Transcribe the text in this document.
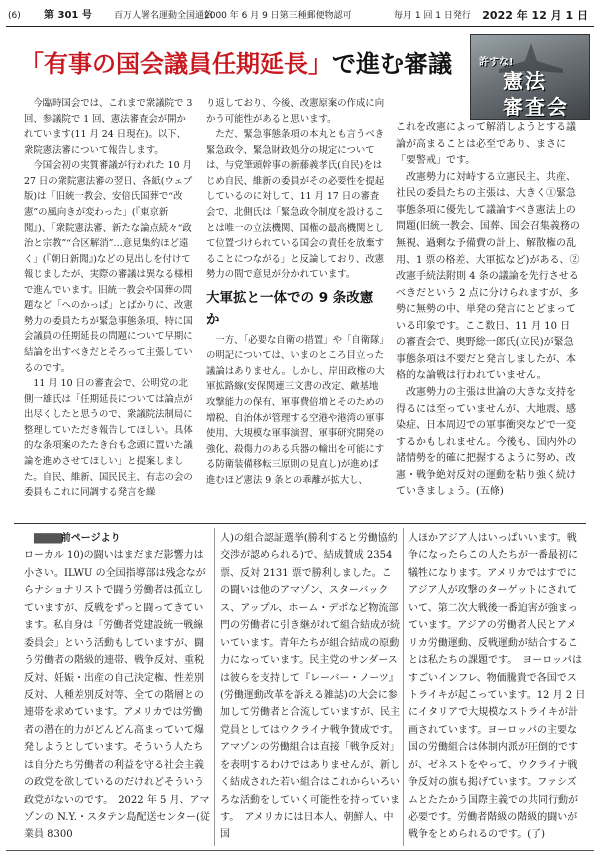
(6) 第 301 号 百万人署名運動全国通信
2000 年 6 月 9 日第三種郵便物認可	毎月 1 回 1 日発行 2022 年 12 月 1 日
「有事の国会議員任期延長」で進む審議	許すな!
憲法
審査会

今臨時国会では、これまで衆議院で 3 回、参議院で 1 回、憲法審査会が開かれています(11 月 24 日現在)。以下、衆院憲法審について報告します。

今国会初の実質審議が行われた 10 月 27 日の衆院憲法審の翌日、各紙(ウェブ版)は「旧統一教会、安倍氏国葬で“改憲”の風向きが変わった」(『東京新聞』)、「衆院憲法審、新たな論点続々“政治と宗教”“合区解消”…意見集約ほど遠く」(『朝日新聞』)などの見出しを付けて報じましたが、実際の審議は異なる様相で進んでいます。旧統一教会や国葬の問題など「へのかっぱ」とばかりに、改憲勢力の委員たちが緊急事態条項、特に国会議員の任期延長の問題について早期に結論を出すべきだとそろって主張しているのです。

11 月 10 日の審査会で、公明党の北側一雄氏は「任期延長については論点が出尽くしたと思うので、衆議院法制局に整理していただき報告してほしい。具体的な条項案のたたき台も念頭に置いた議論を進めさせてほしい」と提案しました。自民、維新、国民民主、有志の会の委員もこれに同調する発言を繰

り返しており、今後、改憲原案の作成に向かう可能性があると思います。

ただ、緊急事態条項の本丸とも言うべき緊急政令、緊急財政処分の規定については、与党筆頭幹事の新藤義孝氏(自民)をはじめ自民、維新の委員がその必要性を提起しているのに対して、11 月 17 日の審査会で、北側氏は「緊急政令制度を設けることは唯一の立法機関、国権の最高機関として位置づけられている国会の責任を放棄することにつながる」と反論しており、改憲勢力の間で意見が分かれています。

大軍拡と一体での 9 条改憲か

一方、「必要な自衛の措置」や「自衛隊」の明記については、いまのところ目立った議論はありません。しかし、岸田政権の大軍拡路線(安保関連三文書の改定、敵基地攻撃能力の保有、軍事費倍増とそのための増税、自治体が管理する空港や港湾の軍事使用、大規模な軍事演習、軍事研究開発の強化、殺傷力のある兵器の輸出を可能にする防衛装備移転三原則の見直し)が進めば進むほど憲法 9 条との乖離が拡大し、

これを改憲によって解消しようとする議論が高まることは必至であり、まさに「要警戒」です。

改憲勢力に対峙する立憲民主、共産、社民の委員たちの主張は、大きく①緊急事態条項に優先して議論すべき憲法上の問題(旧統一教会、国葬、国会召集義務の無視、過剰な予備費の計上、解散権の乱用、1 票の格差、大軍拡など)がある、②改憲手続法附則 4 条の議論を先行させるべきだという 2 点に分けられますが、多勢に無勢の中、単発の発言にとどまっている印象です。ここ数日、11 月 10 日の審査会で、奥野総一郎氏(立民)が緊急事態条項は不要だと発言しましたが、本格的な論戦は行われていません。

改憲勢力の主張は世論の大きな支持を得るには至っていませんが、大地震、感染症、日本周辺での軍事衝突などで一変するかもしれません。今後も、国内外の諸情勢を的確に把握するように努め、改憲・戦争絶対反対の運動を粘り強く続けていきましょう。(五條)

▇▇▇▇前ページより

ローカル 10)の闘いはまだまだ影響力は小さい。ILWU の全国指導部は残念ながらナショナリストで闘う労働者は孤立していますが、反戦をずっと闘ってきています。私自身は「労働者党建設統一戦線委員会」という活動もしていますが、闘う労働者の階級的連帯、戦争反対、重税反対、妊娠・出産の自己決定権、性差別反対、人種差別反対等、全ての階層との連帯を求めています。アメリカでは労働者の潜在的力がどんどん高まっていて爆発しようとしています。そういう人たちは自分たち労働者の利益を守る社会主義の政党を欲しているのだけれどそういう政党がないのです。　2022 年 5 月、アマゾンの N.Y.・スタテン島配送センター(従業員 8300

人)の組合認証選挙(勝利すると労働協約交渉が認められる)で、結成賛成 2354 票、反対 2131 票で勝利しました。この闘いは他のアマゾン、スターバックス、アップル、ホーム・デポなど物流部門の労働者に引き継がれて組合結成が続いています。青年たちが組合結成の原動力になっています。民主党のサンダースは彼らを支持して『レーバー・ノーツ』(労働運動改革を訴える雑誌)の大会に参加して労働者と合流していますが、民主党員としてはウクライナ戦争賛成です。アマゾンの労働組合は直接「戦争反対」を表明するわけではありませんが、新しく結成された若い組合はこれからいろいろな活動をしていく可能性を持っています。　アメリカには日本人、朝鮮人、中国

人ほかアジア人はいっぱいいます。戦争になったらこの人たちが一番最初に犠牲になります。アメリカではすでにアジア人が攻撃のターゲットにされていて、第二次大戦後一番迫害が強まっています。アジアの労働者人民とアメリカ労働運動、反戦運動が結合することは私たちの課題です。　ヨーロッパはすごいインフレ、物価騰貴で各国でストライキが起こっています。12 月 2 日にイタリアで大規模なストライキが計画されています。ヨーロッパの主要な国の労働組合は体制内派が圧倒的ですが、ゼネストをやって、ウクライナ戦争反対の旗も掲げています。ファシズムとたたかう国際主義での共同行動が必要です。労働者階級の階級的闘いが戦争をとめられるのです。(了)
